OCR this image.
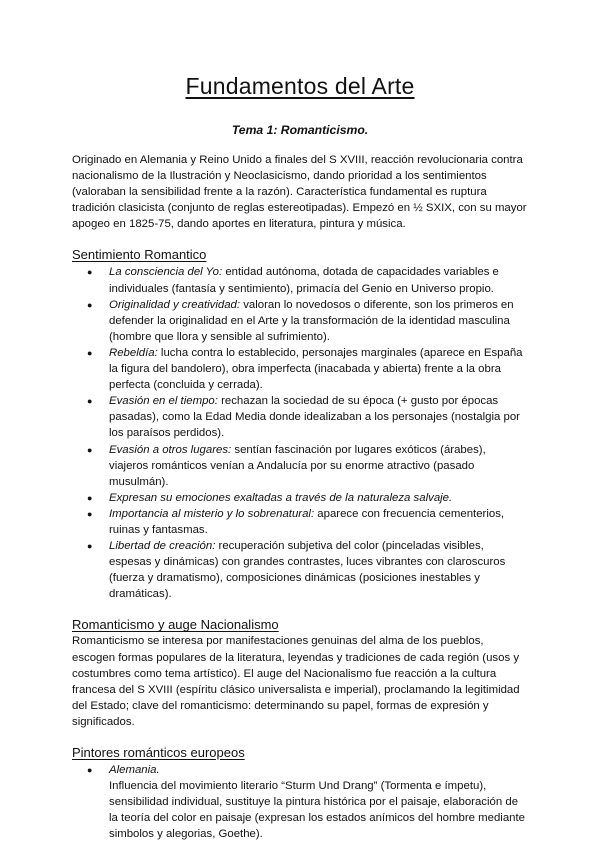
Fundamentos del Arte
Tema 1: Romanticismo.

Originado en Alemania y Reino Unido a finales del S XVIII, reacción revolucionaria contra nacionalismo de la Ilustración y Neoclasicismo, dando prioridad a los sentimientos (valoraban la sensibilidad frente a la razón). Característica fundamental es ruptura tradición clasicista (conjunto de reglas estereotipadas). Empezó en ½ SXIX, con su mayor apogeo en 1825-75, dando aportes en literatura, pintura y música.

Sentimiento Romantico
● La consciencia del Yo: entidad autónoma, dotada de capacidades variables e individuales (fantasía y sentimiento), primacía del Genio en Universo propio.
● Originalidad y creatividad: valoran lo novedosos o diferente, son los primeros en defender la originalidad en el Arte y la transformación de la identidad masculina (hombre que llora y sensible al sufrimiento).
● Rebeldía: lucha contra lo establecido, personajes marginales (aparece en España la figura del bandolero), obra imperfecta (inacabada y abierta) frente a la obra perfecta (concluida y cerrada).
● Evasión en el tiempo: rechazan la sociedad de su época (+ gusto por épocas pasadas), como la Edad Media donde idealizaban a los personajes (nostalgia por los paraísos perdidos).
● Evasión a otros lugares: sentían fascinación por lugares exóticos (árabes), viajeros románticos venían a Andalucía por su enorme atractivo (pasado musulmán).
● Expresan su emociones exaltadas a través de la naturaleza salvaje.
● Importancia al misterio y lo sobrenatural: aparece con frecuencia cementerios, ruinas y fantasmas.
● Libertad de creación: recuperación subjetiva del color (pinceladas visibles, espesas y dinámicas) con grandes contrastes, luces vibrantes con claroscuros (fuerza y dramatismo), composiciones dinámicas (posiciones inestables y dramáticas).
Romanticismo y auge Nacionalismo

Romanticismo se interesa por manifestaciones genuinas del alma de los pueblos, escogen formas populares de la literatura, leyendas y tradiciones de cada región (usos y costumbres como tema artístico). El auge del Nacionalismo fue reacción a la cultura francesa del S XVIII (espíritu clásico universalista e imperial), proclamando la legitimidad del Estado; clave del romanticismo: determinando su papel, formas de expresión y significados.

Pintores románticos europeos
● Alemania.
Influencia del movimiento literario “Sturm Und Drang” (Tormenta e ímpetu), sensibilidad individual, sustituye la pintura histórica por el paisaje, elaboración de la teoría del color en paisaje (expresan los estados anímicos del hombre mediante simbolos y alegorias, Goethe).
